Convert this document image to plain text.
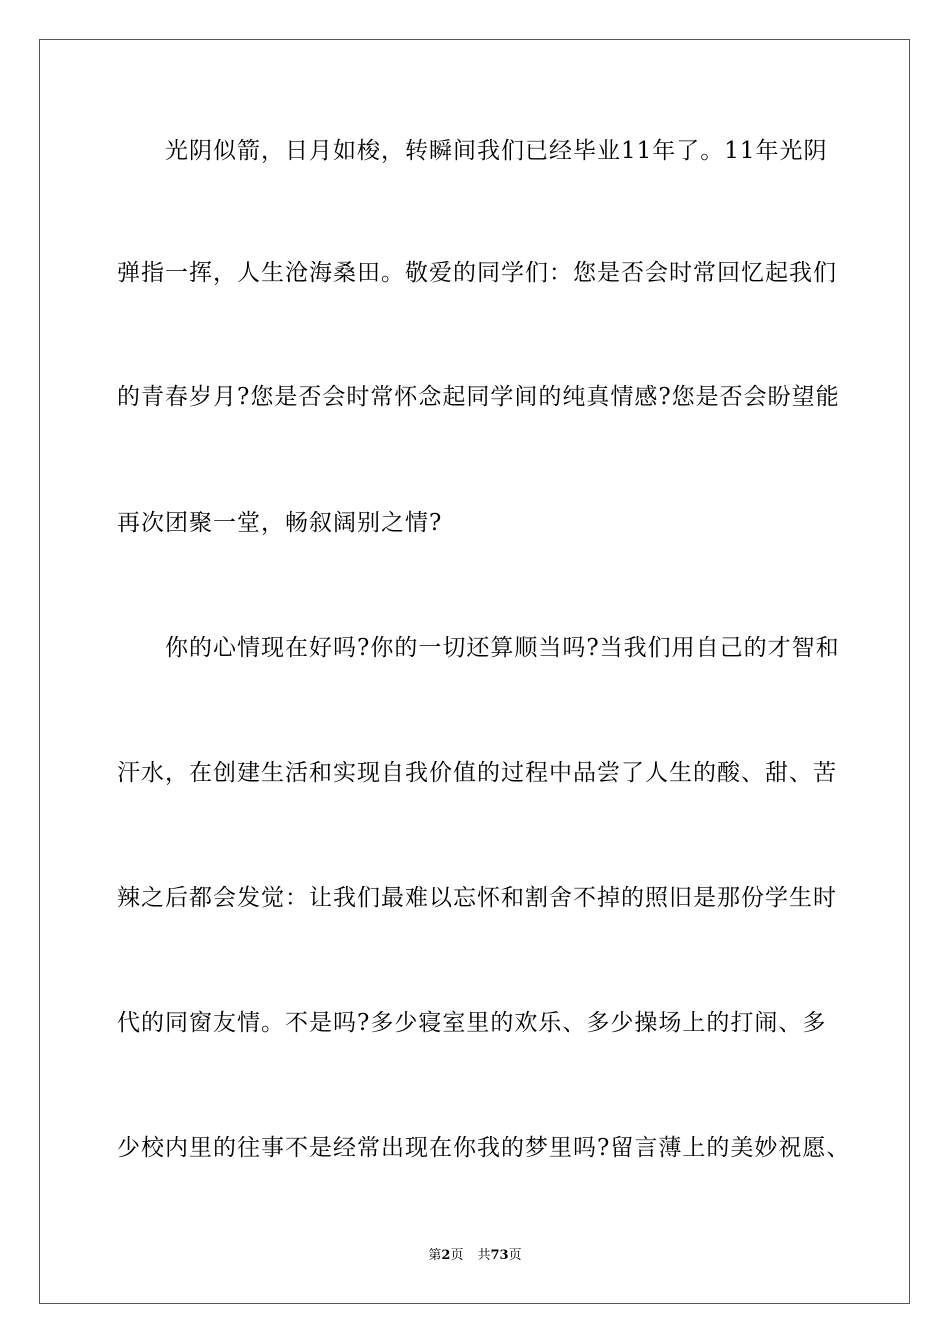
　　光阴似箭，日月如梭，转瞬间我们已经毕业11年了。11年光阴
弹指一挥，人生沧海桑田。敬爱的同学们：您是否会时常回忆起我们
的青春岁月?您是否会时常怀念起同学间的纯真情感?您是否会盼望能
再次团聚一堂，畅叙阔别之情?
　　你的心情现在好吗?你的一切还算顺当吗?当我们用自己的才智和
汗水，在创建生活和实现自我价值的过程中品尝了人生的酸、甜、苦
辣之后都会发觉：让我们最难以忘怀和割舍不掉的照旧是那份学生时
代的同窗友情。不是吗?多少寝室里的欢乐、多少操场上的打闹、多
少校内里的往事不是经常出现在你我的梦里吗?留言薄上的美妙祝愿、
第2页 共73页
